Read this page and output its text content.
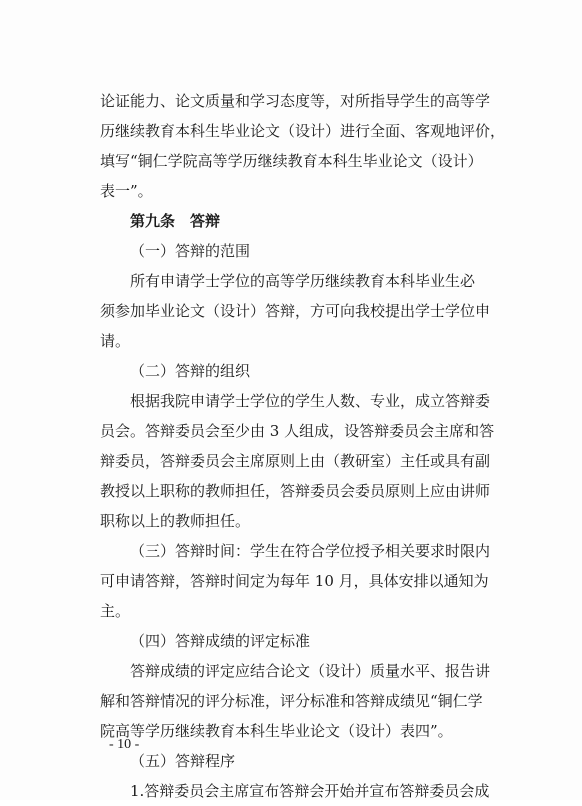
论证能力、论文质量和学习态度等，对所指导学生的高等学

历继续教育本科生毕业论文（设计）进行全面、客观地评价，

填写“铜仁学院高等学历继续教育本科生毕业论文（设计）

表一”。

第九条　答辩

（一）答辩的范围

所有申请学士学位的高等学历继续教育本科毕业生必

须参加毕业论文（设计）答辩，方可向我校提出学士学位申

请。

（二）答辩的组织

根据我院申请学士学位的学生人数、专业，成立答辩委

员会。答辩委员会至少由 3 人组成，设答辩委员会主席和答

辩委员，答辩委员会主席原则上由（教研室）主任或具有副

教授以上职称的教师担任，答辩委员会委员原则上应由讲师

职称以上的教师担任。

（三）答辩时间：学生在符合学位授予相关要求时限内

可申请答辩，答辩时间定为每年 10 月，具体安排以通知为

主。

（四）答辩成绩的评定标准

答辩成绩的评定应结合论文（设计）质量水平、报告讲

解和答辩情况的评分标准，评分标准和答辩成绩见“铜仁学

院高等学历继续教育本科生毕业论文（设计）表四”。

（五）答辩程序

1.答辩委员会主席宣布答辩会开始并宣布答辩委员会成

- 10 -
